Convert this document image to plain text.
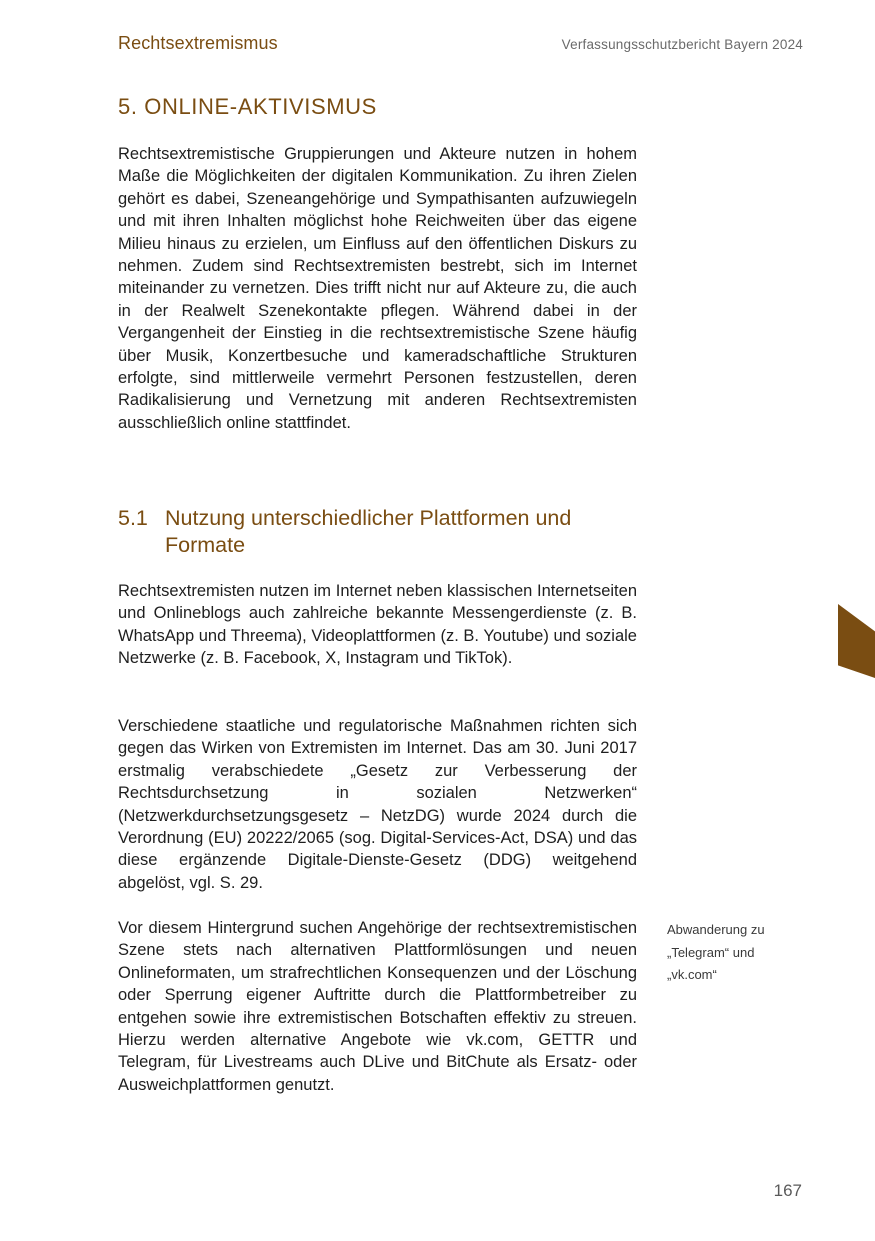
Rechtsextremismus	Verfassungsschutzbericht Bayern 2024
5. ONLINE-AKTIVISMUS

Rechtsextremistische Gruppierungen und Akteure nutzen in hohem Maße die Möglichkeiten der digitalen Kommunikation. Zu ihren Zielen gehört es dabei, Szeneangehörige und Sympathisanten aufzuwiegeln und mit ihren Inhalten möglichst hohe Reichweiten über das eigene Milieu hinaus zu erzielen, um Einfluss auf den öffentlichen Diskurs zu nehmen. Zudem sind Rechtsextremisten bestrebt, sich im Internet miteinander zu vernetzen. Dies trifft nicht nur auf Akteure zu, die auch in der Realwelt Szenekontakte pflegen. Während dabei in der Vergangenheit der Einstieg in die rechtsextremistische Szene häufig über Musik, Konzertbesuche und kameradschaftliche Strukturen erfolgte, sind mittlerweile vermehrt Personen festzustellen, deren Radikalisierung und Vernetzung mit anderen Rechtsextremisten ausschließlich online stattfindet.

5.1 Nutzung unterschiedlicher Plattformen und Formate

Rechtsextremisten nutzen im Internet neben klassischen Internetseiten und Onlineblogs auch zahlreiche bekannte Messengerdienste (z. B. WhatsApp und Threema), Videoplattformen (z. B. Youtube) und soziale Netzwerke (z. B. Facebook, X, Instagram und TikTok).

Verschiedene staatliche und regulatorische Maßnahmen richten sich gegen das Wirken von Extremisten im Internet. Das am 30. Juni 2017 erstmalig verabschiedete „Gesetz zur Verbesserung der Rechtsdurchsetzung in sozialen Netzwerken“ (Netzwerkdurchsetzungsgesetz – NetzDG) wurde 2024 durch die Verordnung (EU) 20222/2065 (sog. Digital-Services-Act, DSA) und das diese ergänzende Digitale-Dienste-Gesetz (DDG) weitgehend abgelöst, vgl. S. 29.

Vor diesem Hintergrund suchen Angehörige der rechtsextremistischen Szene stets nach alternativen Plattformlösungen und neuen Onlineformaten, um strafrechtlichen Konsequenzen und der Löschung oder Sperrung eigener Auftritte durch die Plattformbetreiber zu entgehen sowie ihre extremistischen Botschaften effektiv zu streuen. Hierzu werden alternative Angebote wie vk.com, GETTR und Telegram, für Livestreams auch DLive und BitChute als Ersatz- oder Ausweichplattformen genutzt.

Abwanderung zu „Telegram“ und „vk.com“

167
